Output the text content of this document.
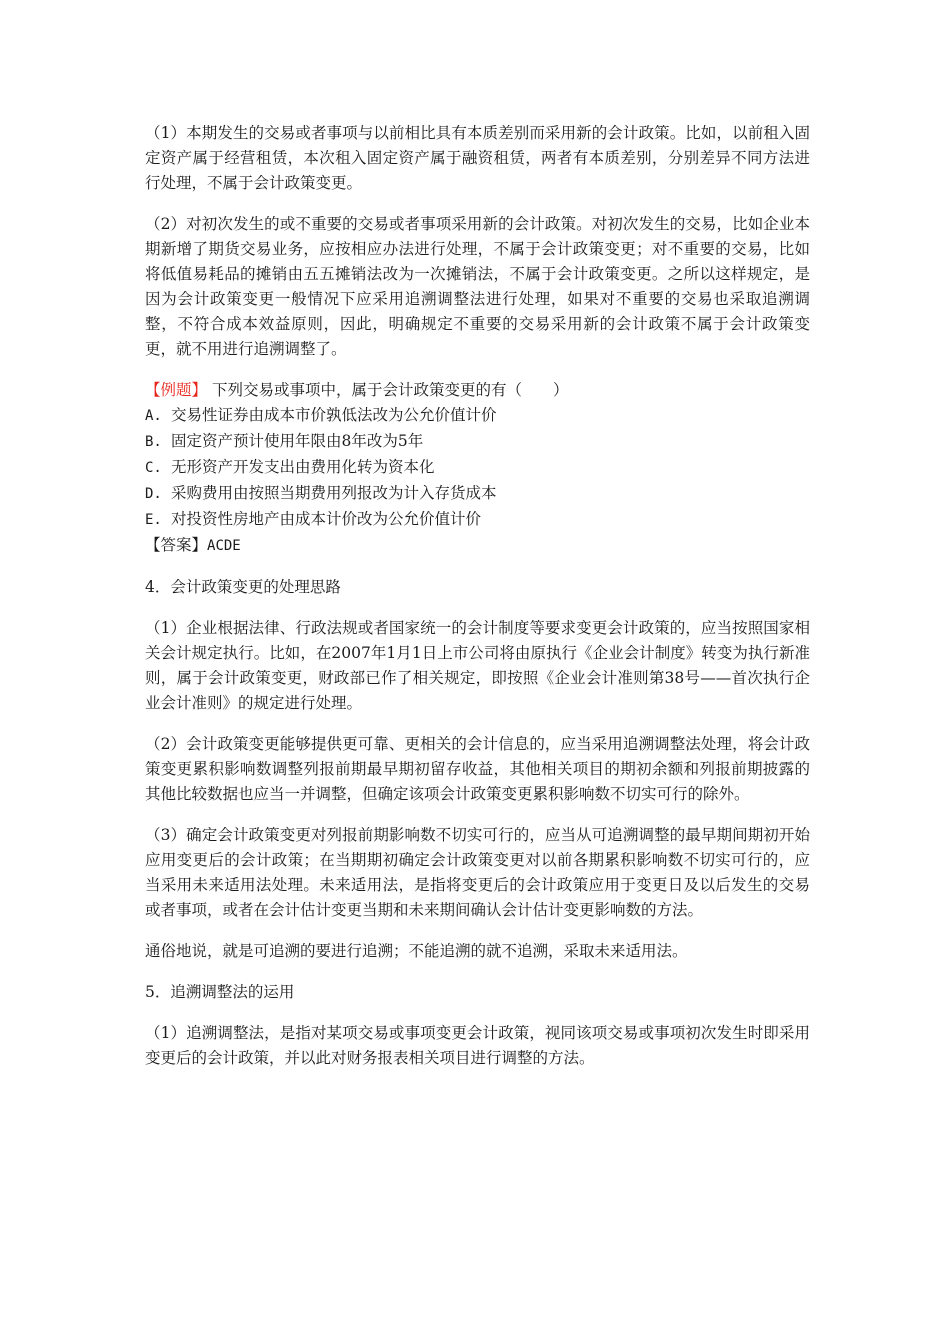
（1）本期发生的交易或者事项与以前相比具有本质差别而采用新的会计政策。比如，以前租入固定资产属于经营租赁，本次租入固定资产属于融资租赁，两者有本质差别，分别差异不同方法进行处理，不属于会计政策变更。

（2）对初次发生的或不重要的交易或者事项采用新的会计政策。对初次发生的交易，比如企业本期新增了期货交易业务，应按相应办法进行处理，不属于会计政策变更；对不重要的交易，比如将低值易耗品的摊销由五五摊销法改为一次摊销法，不属于会计政策变更。之所以这样规定，是因为会计政策变更一般情况下应采用追溯调整法进行处理，如果对不重要的交易也采取追溯调整，不符合成本效益原则，因此，明确规定不重要的交易采用新的会计政策不属于会计政策变更，就不用进行追溯调整了。

【例题】 下列交易或事项中，属于会计政策变更的有（　　）

A. 交易性证券由成本市价孰低法改为公允价值计价

B. 固定资产预计使用年限由8年改为5年

C. 无形资产开发支出由费用化转为资本化

D. 采购费用由按照当期费用列报改为计入存货成本

E. 对投资性房地产由成本计价改为公允价值计价

【答案】ACDE

4．会计政策变更的处理思路

（1）企业根据法律、行政法规或者国家统一的会计制度等要求变更会计政策的，应当按照国家相关会计规定执行。比如，在2007年1月1日上市公司将由原执行《企业会计制度》转变为执行新准则，属于会计政策变更，财政部已作了相关规定，即按照《企业会计准则第38号——首次执行企业会计准则》的规定进行处理。

（2）会计政策变更能够提供更可靠、更相关的会计信息的，应当采用追溯调整法处理，将会计政策变更累积影响数调整列报前期最早期初留存收益，其他相关项目的期初余额和列报前期披露的其他比较数据也应当一并调整，但确定该项会计政策变更累积影响数不切实可行的除外。

（3）确定会计政策变更对列报前期影响数不切实可行的，应当从可追溯调整的最早期间期初开始应用变更后的会计政策；在当期期初确定会计政策变更对以前各期累积影响数不切实可行的，应当采用未来适用法处理。未来适用法，是指将变更后的会计政策应用于变更日及以后发生的交易或者事项，或者在会计估计变更当期和未来期间确认会计估计变更影响数的方法。

通俗地说，就是可追溯的要进行追溯；不能追溯的就不追溯，采取未来适用法。

5．追溯调整法的运用

（1）追溯调整法，是指对某项交易或事项变更会计政策，视同该项交易或事项初次发生时即采用变更后的会计政策，并以此对财务报表相关项目进行调整的方法。
